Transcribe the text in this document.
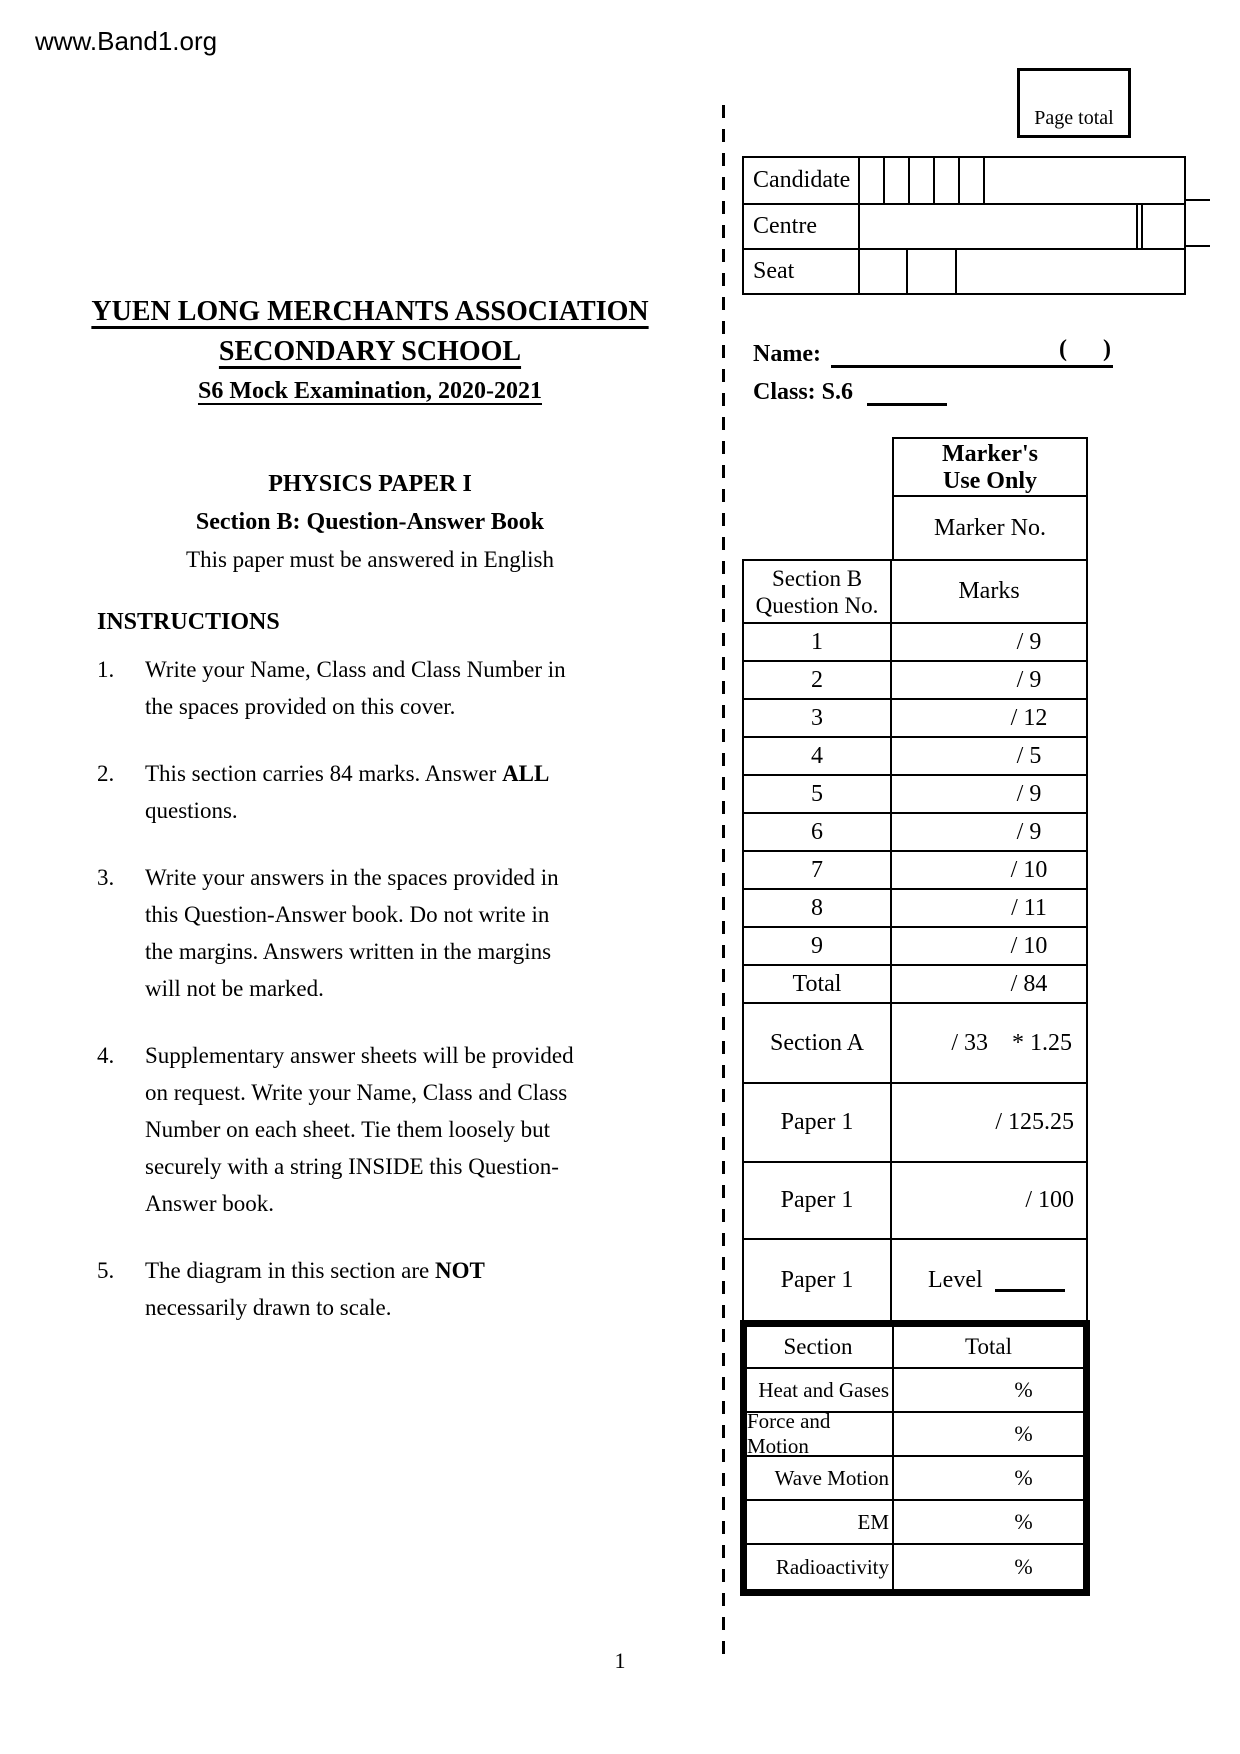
www.Band1.org
Page total
Candidate
Centre
Seat
Name:	(      )
Class: S.6
YUEN LONG MERCHANTS ASSOCIATION
SECONDARY SCHOOL
S6 Mock Examination, 2020-2021
PHYSICS PAPER I
Section B: Question-Answer Book
This paper must be answered in English
INSTRUCTIONS
1.	Write your Name, Class and Class Number in the spaces provided on this cover.
2.	This section carries 84 marks. Answer ALL questions.
3.	Write your answers in the spaces provided in this Question-Answer book. Do not write in the margins. Answers written in the margins will not be marked.
4.	Supplementary answer sheets will be provided on request. Write your Name, Class and Class Number on each sheet. Tie them loosely but securely with a string INSIDE this Question-Answer book.
5.	The diagram in this section are NOT necessarily drawn to scale.
Marker's
Use Only
Marker No.
Section B
Question No.
Marks
1	/ 9
2	/ 9
3	/ 12
4	/ 5
5	/ 9
6	/ 9
7	/ 10
8	/ 11
9	/ 10
Total	/ 84
Section A	/ 33 * 1.25
Paper 1	/ 125.25
Paper 1	/ 100
Paper 1	Level
Section	Total
Heat and Gases	%
Force and Motion	%
Wave Motion	%
EM	%
Radioactivity	%
1
